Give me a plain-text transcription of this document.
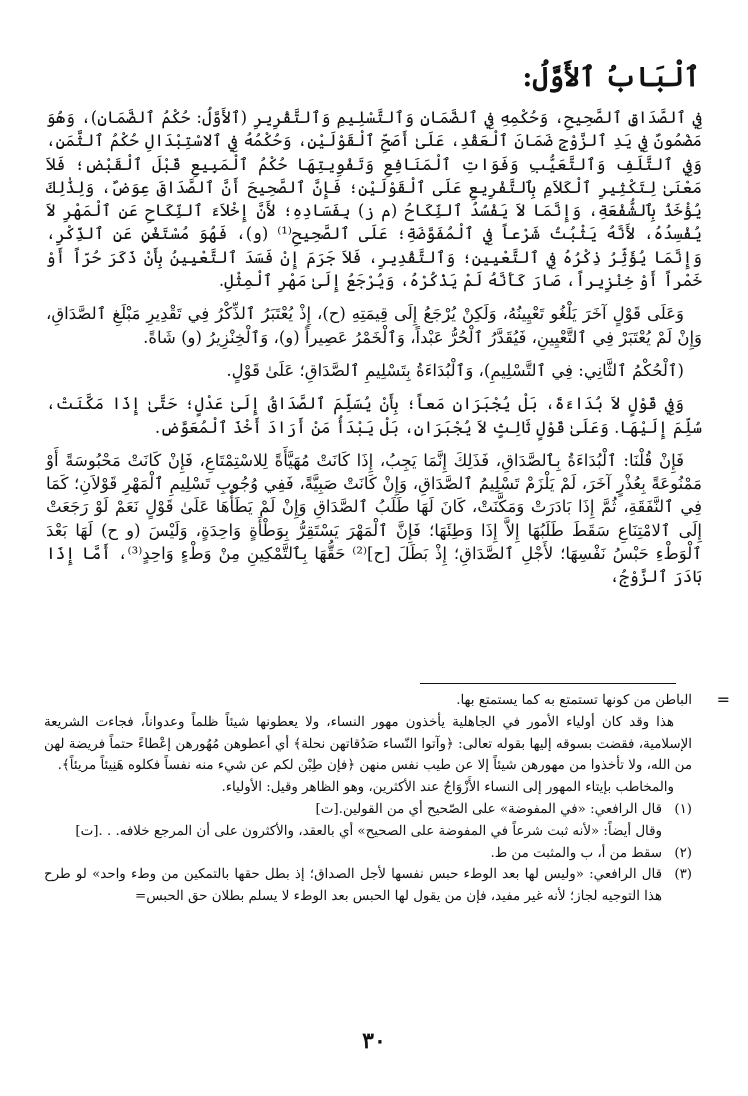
ٱلْبَابُ ٱلأَوَّلُ:

فِي ٱلصَّدَاقِ ٱلصَّحِيحِ، وَحُكْمِهِ فِي ٱلضَّمَانِ وَٱلتَّسْلِيمِ وَٱلتَّقْرِيرِ (ٱلأَوَّلُ: حُكْمُ ٱلضَّمَانِ)، وَهُوَ مَضْمُونٌ فِي يَدِ ٱلزَّوْجِ ضَمَانَ ٱلْعَقْدِ، عَلَىٰ أَصَحِّ ٱلْقَوْلَيْنِ، وَحُكْمُهُ فِي ٱلاسْتِبْدَالِ حُكْمُ ٱلثَّمَنِ، وَفِي ٱلتَّلَفِ وَٱلتَّعَيُّبِ وَفَوَاتِ ٱلْمَنَافِعِ وَتَفْوِيتِهَا حُكْمُ ٱلْمَبِيعِ قَبْلَ ٱلْقَبْضِ؛ فَلاَ مَعْنَىٰ لِتَكْثِيرِ ٱلْكَلاَمِ بِٱلتَّفْرِيعِ عَلَى ٱلْقَوْلَيْنِ؛ فَإِنَّ ٱلصَّحِيحَ أَنَّ ٱلصَّدَاقَ عِوَضٌ، وَلِذَٰلِكَ يُؤْخَذُ بِٱلشُّفْعَةِ، وَإِنَّمَا لاَ يَفْسُدُ ٱلنِّكَاحُ (م ز) بِفَسَادِهِ؛ لأَنَّ إِخْلاَءَ ٱلنِّكَاحِ عَنِ ٱلْمَهْرِ لاَ يُفْسِدُهُ، لأَنَّهُ يَثْبُتُ شَرْعاً فِي ٱلْمُفَوَّضَةِ؛ عَلَى ٱلصَّحِيحِ⁽¹⁾ (و)، فَهُوَ مُسْتَغْنٍ عَنِ ٱلذِّكْرِ، وَإِنَّمَا يُؤَثِّرُ ذِكْرُهُ فِي ٱلتَّعْيِينِ؛ وَٱلتَّقْدِيرِ، فَلاَ جَرَمَ إِنْ فَسَدَ ٱلتَّعْيِينُ بِأَنْ ذَكَرَ حُرّاً أَوْ خَمْراً أَوْ خِنْزِيراً، صَارَ كَأَنَّهُ لَمْ يَذْكُرْهُ، وَيُرْجَعُ إِلَىٰ مَهْرِ ٱلْمِثْلِ.

وَعَلَى قَوْلٍ آخَرَ يَلْغُو تَعْيِينُهُ، وَلَكِنْ يُرْجَعُ إِلَى قِيمَتِهِ (ح)، إِذْ يُعْتَبَرُ ٱلذِّكْرُ فِي تَقْدِيرِ مَبْلَغِ ٱلصَّدَاقِ، وَإِنْ لَمْ يُعْتَبَرْ فِي ٱلتَّعْيِينِ، فَيُقَدَّرُ ٱلْحُرُّ عَبْداً، وَٱلْخَمْرُ عَصِيراً (و)، وَٱلْخِنْزِيرُ (و) شَاةً.

(ٱلْحُكْمُ ٱلثَّانِي: فِي ٱلتَّسْلِيمِ)، وَٱلْبُدَاءَةُ بِتَسْلِيمِ ٱلصَّدَاقِ؛ عَلَىٰ قَوْلٍ.

وَفِي قَوْلٍ لاَ بُدَاءَةَ، بَلْ يُجْبَرَانِ مَعاً؛ بِأَنْ يُسَلِّمَ ٱلصَّدَاقُ إِلَىٰ عَدْلٍ؛ حَتَّىٰ إِذَا مَكَّنَتْ، سُلِّمَ إِلَيْهَا. وَعَلَىٰ قَوْلٍ ثَالِثٍ لاَ يُجْبَرَانِ، بَلْ يَبْدَأُ مَنْ أَرَادَ أَخْذَ ٱلْمُعَوَّضِ.

فَإِنْ قُلْنَا: ٱلْبُدَاءَةُ بِٱلصَّدَاقِ، فَذَلِكَ إِنَّمَا يَجِبُ، إِذَا كَانَتْ مُهَيَّأَةً لِلاسْتِمْتَاعِ، فَإِنْ كَانَتْ مَحْبُوسَةً أَوْ مَمْنُوعَةً بِعُذْرٍ آخَرَ، لَمْ يَلْزَمْ تَسْلِيمُ ٱلصَّدَاقِ، وَإِنْ كَانَتْ صَبِيَّةً، فَفِي وُجُوبِ تَسْلِيمِ ٱلْمَهْرِ قَوْلاَنِ؛ كَمَا فِي ٱلنَّفَقَةِ، ثُمَّ إِذَا بَادَرَتْ وَمَكَّنَتْ، كَانَ لَهَا طَلَبُ ٱلصَّدَاقِ وَإِنْ لَمْ يَطَأْهَا عَلَىٰ قَوْلٍ نَعَمْ لَوْ رَجَعَتْ إِلَى ٱلامْتِنَاعِ سَقَطَ طَلَبُهَا إِلاَّ إِذَا وَطِئَهَا؛ فَإِنَّ ٱلْمَهْرَ يَسْتَقِرُّ بِوَطْأَةٍ وَاحِدَةٍ، وَلَيْسَ (و ح) لَهَا بَعْدَ ٱلْوَطْءِ حَبْسُ نَفْسِهَا؛ لأَجْلِ ٱلصَّدَاقِ؛ إِذْ بَطَلَ [ح]⁽²⁾ حَقُّهَا بِٱلتَّمْكِينِ مِنْ وَطْءٍ وَاحِدٍ⁽³⁾، أَمَّا إِذَا بَادَرَ ٱلزَّوْجُ،

=

الباطن من كونها تستمتع به كما يستمتع بها.

هذا وقد كان أولياء الأمور في الجاهلية يأخذون مهور النساء، ولا يعطونها شيئاً ظلماً وعدواناً، فجاءت الشريعة الإسلامية، فقضت بسوقه إليها بقوله تعالى: ﴿وآتوا النّساء صَدُقاتهن نحلة﴾ أي أعطوهن مُهُورهن إعْطاءً حتماً فريضة لهن من الله، ولا تأخذوا من مهورهن شيئاً إلا عن طيب نفس منهن ﴿فإن طِبْن لكم عن شيء منه نفساً فكلوه هَنِيئاً مريئاً﴾.

والمخاطب بإيتاء المهور إلى النساء الأَزْوَاجُ عند الأكثرين، وهو الظاهر وقيل: الأولياء.

(١)
قال الرافعي: «في المفوضة» على الصّحيح أي من القولين.[ت]

وقال أيضاً: «لأنه ثبت شرعاً في المفوضة على الصحيح» أي بالعقد، والأكثرون على أن المرجع خلافه. . .[ت]

(٢)
سقط من أ، ب والمثبت من ط.
(٣)
قال الرافعي: «وليس لها بعد الوطء حبس نفسها لأجل الصداق؛ إذ بطل حقها بالتمكين من وطء واحد» لو طرح هذا التوجيه لجاز؛ لأنه غير مفيد، فإن من يقول لها الحبس بعد الوطء لا يسلم بطلان حق الحبس=
٣٠
